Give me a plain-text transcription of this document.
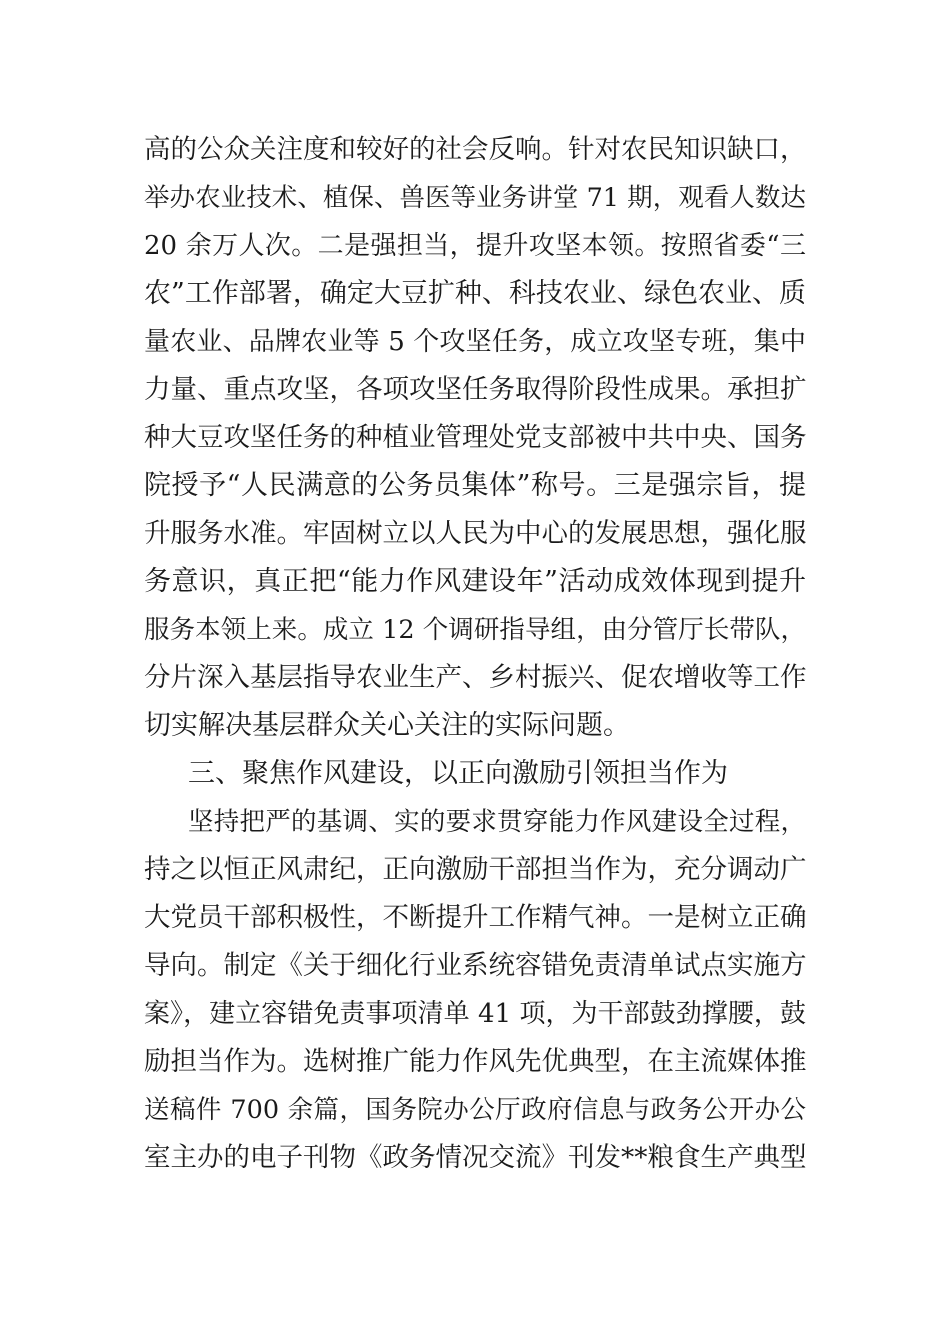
高的公众关注度和较好的社会反响。针对农民知识缺口，

举办农业技术、植保、兽医等业务讲堂 71 期，观看人数达

20 余万人次。二是强担当，提升攻坚本领。按照省委“三

农”工作部署，确定大豆扩种、科技农业、绿色农业、质

量农业、品牌农业等 5 个攻坚任务，成立攻坚专班，集中

力量、重点攻坚，各项攻坚任务取得阶段性成果。承担扩

种大豆攻坚任务的种植业管理处党支部被中共中央、国务

院授予“人民满意的公务员集体”称号。三是强宗旨，提

升服务水准。牢固树立以人民为中心的发展思想，强化服

务意识，真正把“能力作风建设年”活动成效体现到提升

服务本领上来。成立 12 个调研指导组，由分管厅长带队，

分片深入基层指导农业生产、乡村振兴、促农增收等工作

切实解决基层群众关心关注的实际问题。

三、聚焦作风建设，以正向激励引领担当作为

坚持把严的基调、实的要求贯穿能力作风建设全过程，

持之以恒正风肃纪，正向激励干部担当作为，充分调动广

大党员干部积极性，不断提升工作精气神。一是树立正确

导向。制定《关于细化行业系统容错免责清单试点实施方

案》，建立容错免责事项清单 41 项，为干部鼓劲撑腰，鼓

励担当作为。选树推广能力作风先优典型，在主流媒体推

送稿件 700 余篇，国务院办公厅政府信息与政务公开办公

室主办的电子刊物《政务情况交流》刊发**粮食生产典型
